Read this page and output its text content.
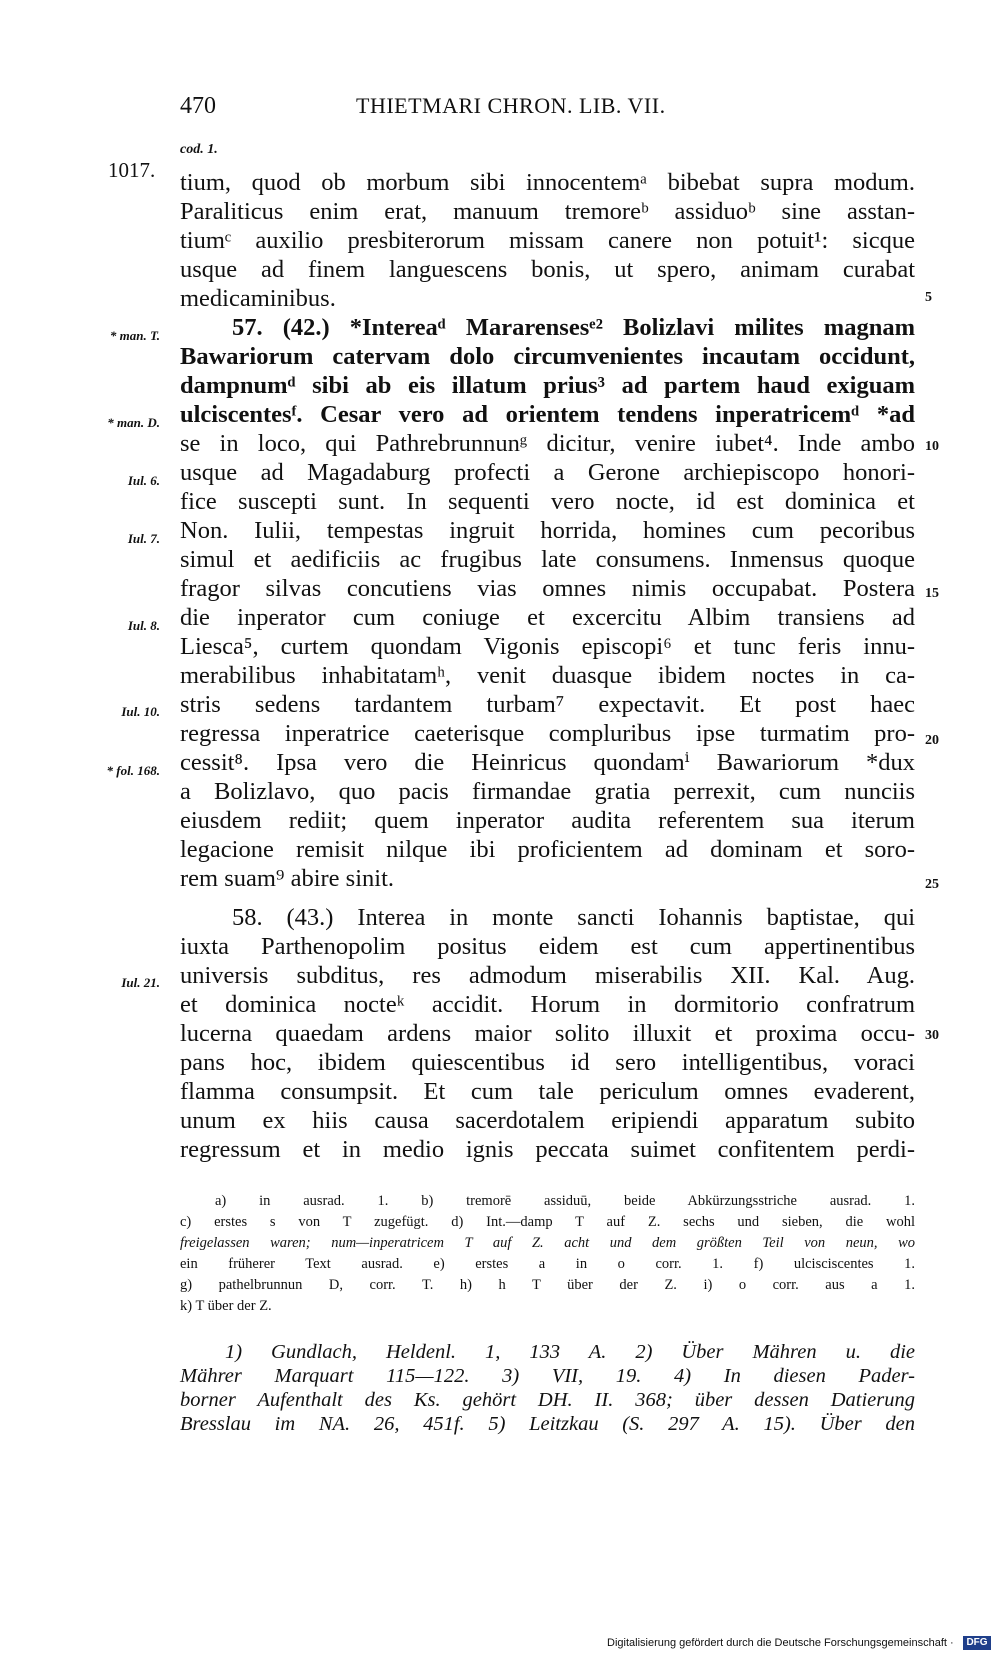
470	THIETMARI CHRON. LIB. VII.
cod. 1.
1017.
* man. T.
* man. D.
Iul. 6.
Iul. 7.
Iul. 8.
Iul. 10.
* fol. 168.
Iul. 21.
5
10
15
20
25
30
tium, quod ob morbum sibi innocentemᵃ bibebat supra modum.
Paraliticus enim erat, manuum tremoreᵇ assiduoᵇ sine asstan-
tiumᶜ auxilio presbiterorum missam canere non potuit¹: sicque
usque ad finem languescens bonis, ut spero, animam curabat
medicaminibus.
57. (42.) *Intereaᵈ Mararensesᵉ² Bolizlavi milites magnam
Bawariorum catervam dolo circumvenientes incautam occidunt,
dampnumᵈ sibi ab eis illatum prius³ ad partem haud exiguam
ulciscentesᶠ. Cesar vero ad orientem tendens inperatricemᵈ *ad
se in loco, qui Pathrebrunnunᵍ dicitur, venire iubet⁴. Inde ambo
usque ad Magadaburg profecti a Gerone archiepiscopo honori-
fice suscepti sunt. In sequenti vero nocte, id est dominica et
Non. Iulii, tempestas ingruit horrida, homines cum pecoribus
simul et aedificiis ac frugibus late consumens. Inmensus quoque
fragor silvas concutiens vias omnes nimis occupabat. Postera
die inperator cum coniuge et excercitu Albim transiens ad
Liesca⁵, curtem quondam Vigonis episcopi⁶ et tunc feris innu-
merabilibus inhabitatamʰ, venit duasque ibidem noctes in ca-
stris sedens tardantem turbam⁷ expectavit. Et post haec
regressa inperatrice caeterisque compluribus ipse turmatim pro-
cessit⁸. Ipsa vero die Heinricus quondamⁱ Bawariorum *dux
a Bolizlavo, quo pacis firmandae gratia perrexit, cum nunciis
eiusdem rediit; quem inperator audita referentem sua iterum
legacione remisit nilque ibi proficientem ad dominam et soro-
rem suam⁹ abire sinit.
58. (43.) Interea in monte sancti Iohannis baptistae, qui
iuxta Parthenopolim positus eidem est cum appertinentibus
universis subditus, res admodum miserabilis XII. Kal. Aug.
et dominica nocteᵏ accidit. Horum in dormitorio confratrum
lucerna quaedam ardens maior solito illuxit et proxima occu-
pans hoc, ibidem quiescentibus id sero intelligentibus, voraci
flamma consumpsit. Et cum tale periculum omnes evaderent,
unum ex hiis causa sacerdotalem eripiendi apparatum subito
regressum et in medio ignis peccata suimet confitentem perdi-
a) in ausrad. 1. b) tremorē assiduū, beide Abkürzungsstriche ausrad. 1.
c) erstes s von T zugefügt. d) Int.—damp T auf Z. sechs und sieben, die wohl
freigelassen waren; num—inperatricem T auf Z. acht und dem größten Teil von neun, wo
ein früherer Text ausrad. e) erstes a in o corr. 1. f) ulcisciscentes 1.
g) pathelbrunnun D, corr. T. h) h T über der Z. i) o corr. aus a 1.
k) T über der Z.
1) Gundlach, Heldenl. 1, 133 A. 2) Über Mähren u. die
Mährer Marquart 115—122. 3) VII, 19. 4) In diesen Pader-
borner Aufenthalt des Ks. gehört DH. II. 368; über dessen Datierung
Bresslau im NA. 26, 451f. 5) Leitzkau (S. 297 A. 15). Über den
Digitalisierung gefördert durch die Deutsche Forschungsgemeinschaft ·	DFG
